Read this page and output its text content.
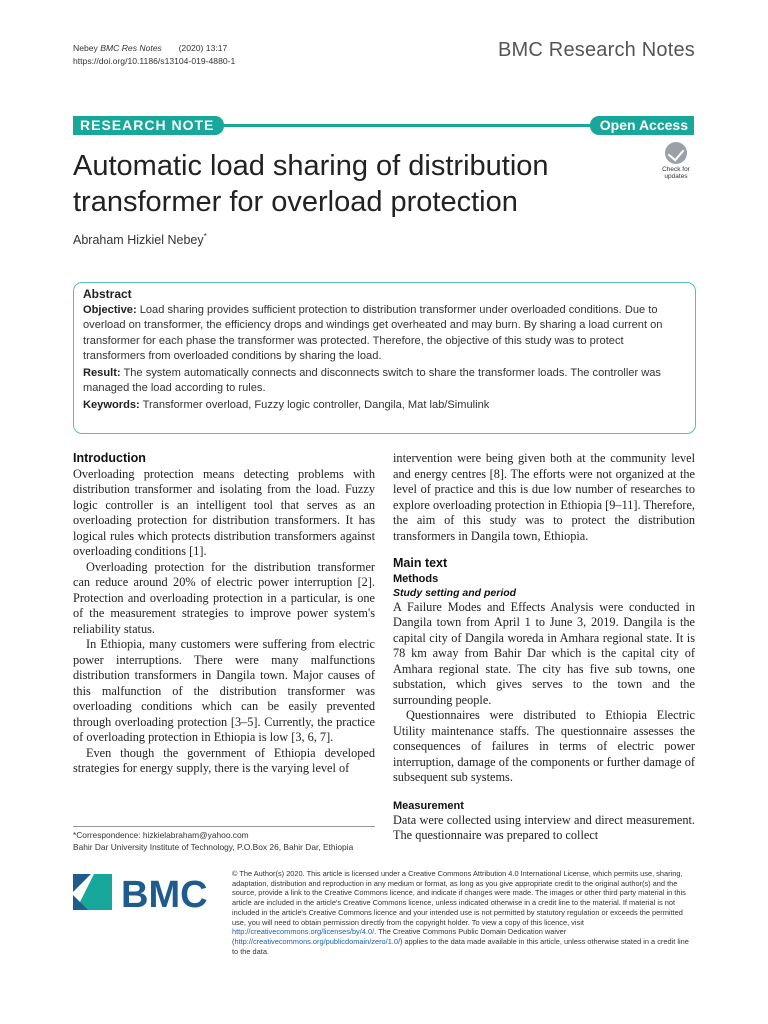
Nebey BMC Res Notes (2020) 13:17
https://doi.org/10.1186/s13104-019-4880-1	BMC Research Notes
RESEARCH NOTE	Open Access
Automatic load sharing of distribution transformer for overload protection
Check for
updates
Abraham Hizkiel Nebey*
Abstract

Objective: Load sharing provides sufficient protection to distribution transformer under overloaded conditions. Due to overload on transformer, the efficiency drops and windings get overheated and may burn. By sharing a load current on transformer for each phase the transformer was protected. Therefore, the objective of this study was to protect transformers from overloaded conditions by sharing the load.

Result: The system automatically connects and disconnects switch to share the transformer loads. The controller was managed the load according to rules.

Keywords: Transformer overload, Fuzzy logic controller, Dangila, Mat lab/Simulink

Introduction

Overloading protection means detecting problems with distribution transformer and isolating from the load. Fuzzy logic controller is an intelligent tool that serves as an overloading protection for distribution transformers. It has logical rules which protects distribution transformers against overloading conditions [1].

Overloading protection for the distribution transformer can reduce around 20% of electric power interruption [2]. Protection and overloading protection in a particular, is one of the measurement strategies to improve power system's reliability status.

In Ethiopia, many customers were suffering from electric power interruptions. There were many malfunctions distribution transformers in Dangila town. Major causes of this malfunction of the distribution transformer was overloading conditions which can be easily prevented through overloading protection [3–5]. Currently, the practice of overloading protection in Ethiopia is low [3, 6, 7].

Even though the government of Ethiopia developed strategies for energy supply, there is the varying level of

intervention were being given both at the community level and energy centres [8]. The efforts were not organized at the level of practice and this is due low number of researches to explore overloading protection in Ethiopia [9–11]. Therefore, the aim of this study was to protect the distribution transformers in Dangila town, Ethiopia.

Main text
Methods
Study setting and period

A Failure Modes and Effects Analysis were conducted in Dangila town from April 1 to June 3, 2019. Dangila is the capital city of Dangila woreda in Amhara regional state. It is 78 km away from Bahir Dar which is the capital city of Amhara regional state. The city has five sub towns, one substation, which gives serves to the town and the surrounding people.

Questionnaires were distributed to Ethiopia Electric Utility maintenance staffs. The questionnaire assesses the consequences of failures in terms of electric power interruption, damage of the components or further damage of subsequent sub systems.

Measurement

Data were collected using interview and direct measurement. The questionnaire was prepared to collect

*Correspondence: hizkielabraham@yahoo.com
Bahir Dar University Institute of Technology, P.O.Box 26, Bahir Dar, Ethiopia
BMC
© The Author(s) 2020. This article is licensed under a Creative Commons Attribution 4.0 International License, which permits use, sharing, adaptation, distribution and reproduction in any medium or format, as long as you give appropriate credit to the original author(s) and the source, provide a link to the Creative Commons licence, and indicate if changes were made. The images or other third party material in this article are included in the article's Creative Commons licence, unless indicated otherwise in a credit line to the material. If material is not included in the article's Creative Commons licence and your intended use is not permitted by statutory regulation or exceeds the permitted use, you will need to obtain permission directly from the copyright holder. To view a copy of this licence, visit http://creativecommons.org/licenses/by/4.0/. The Creative Commons Public Domain Dedication waiver (http://creativecommons.org/publicdomain/zero/1.0/) applies to the data made available in this article, unless otherwise stated in a credit line to the data.
